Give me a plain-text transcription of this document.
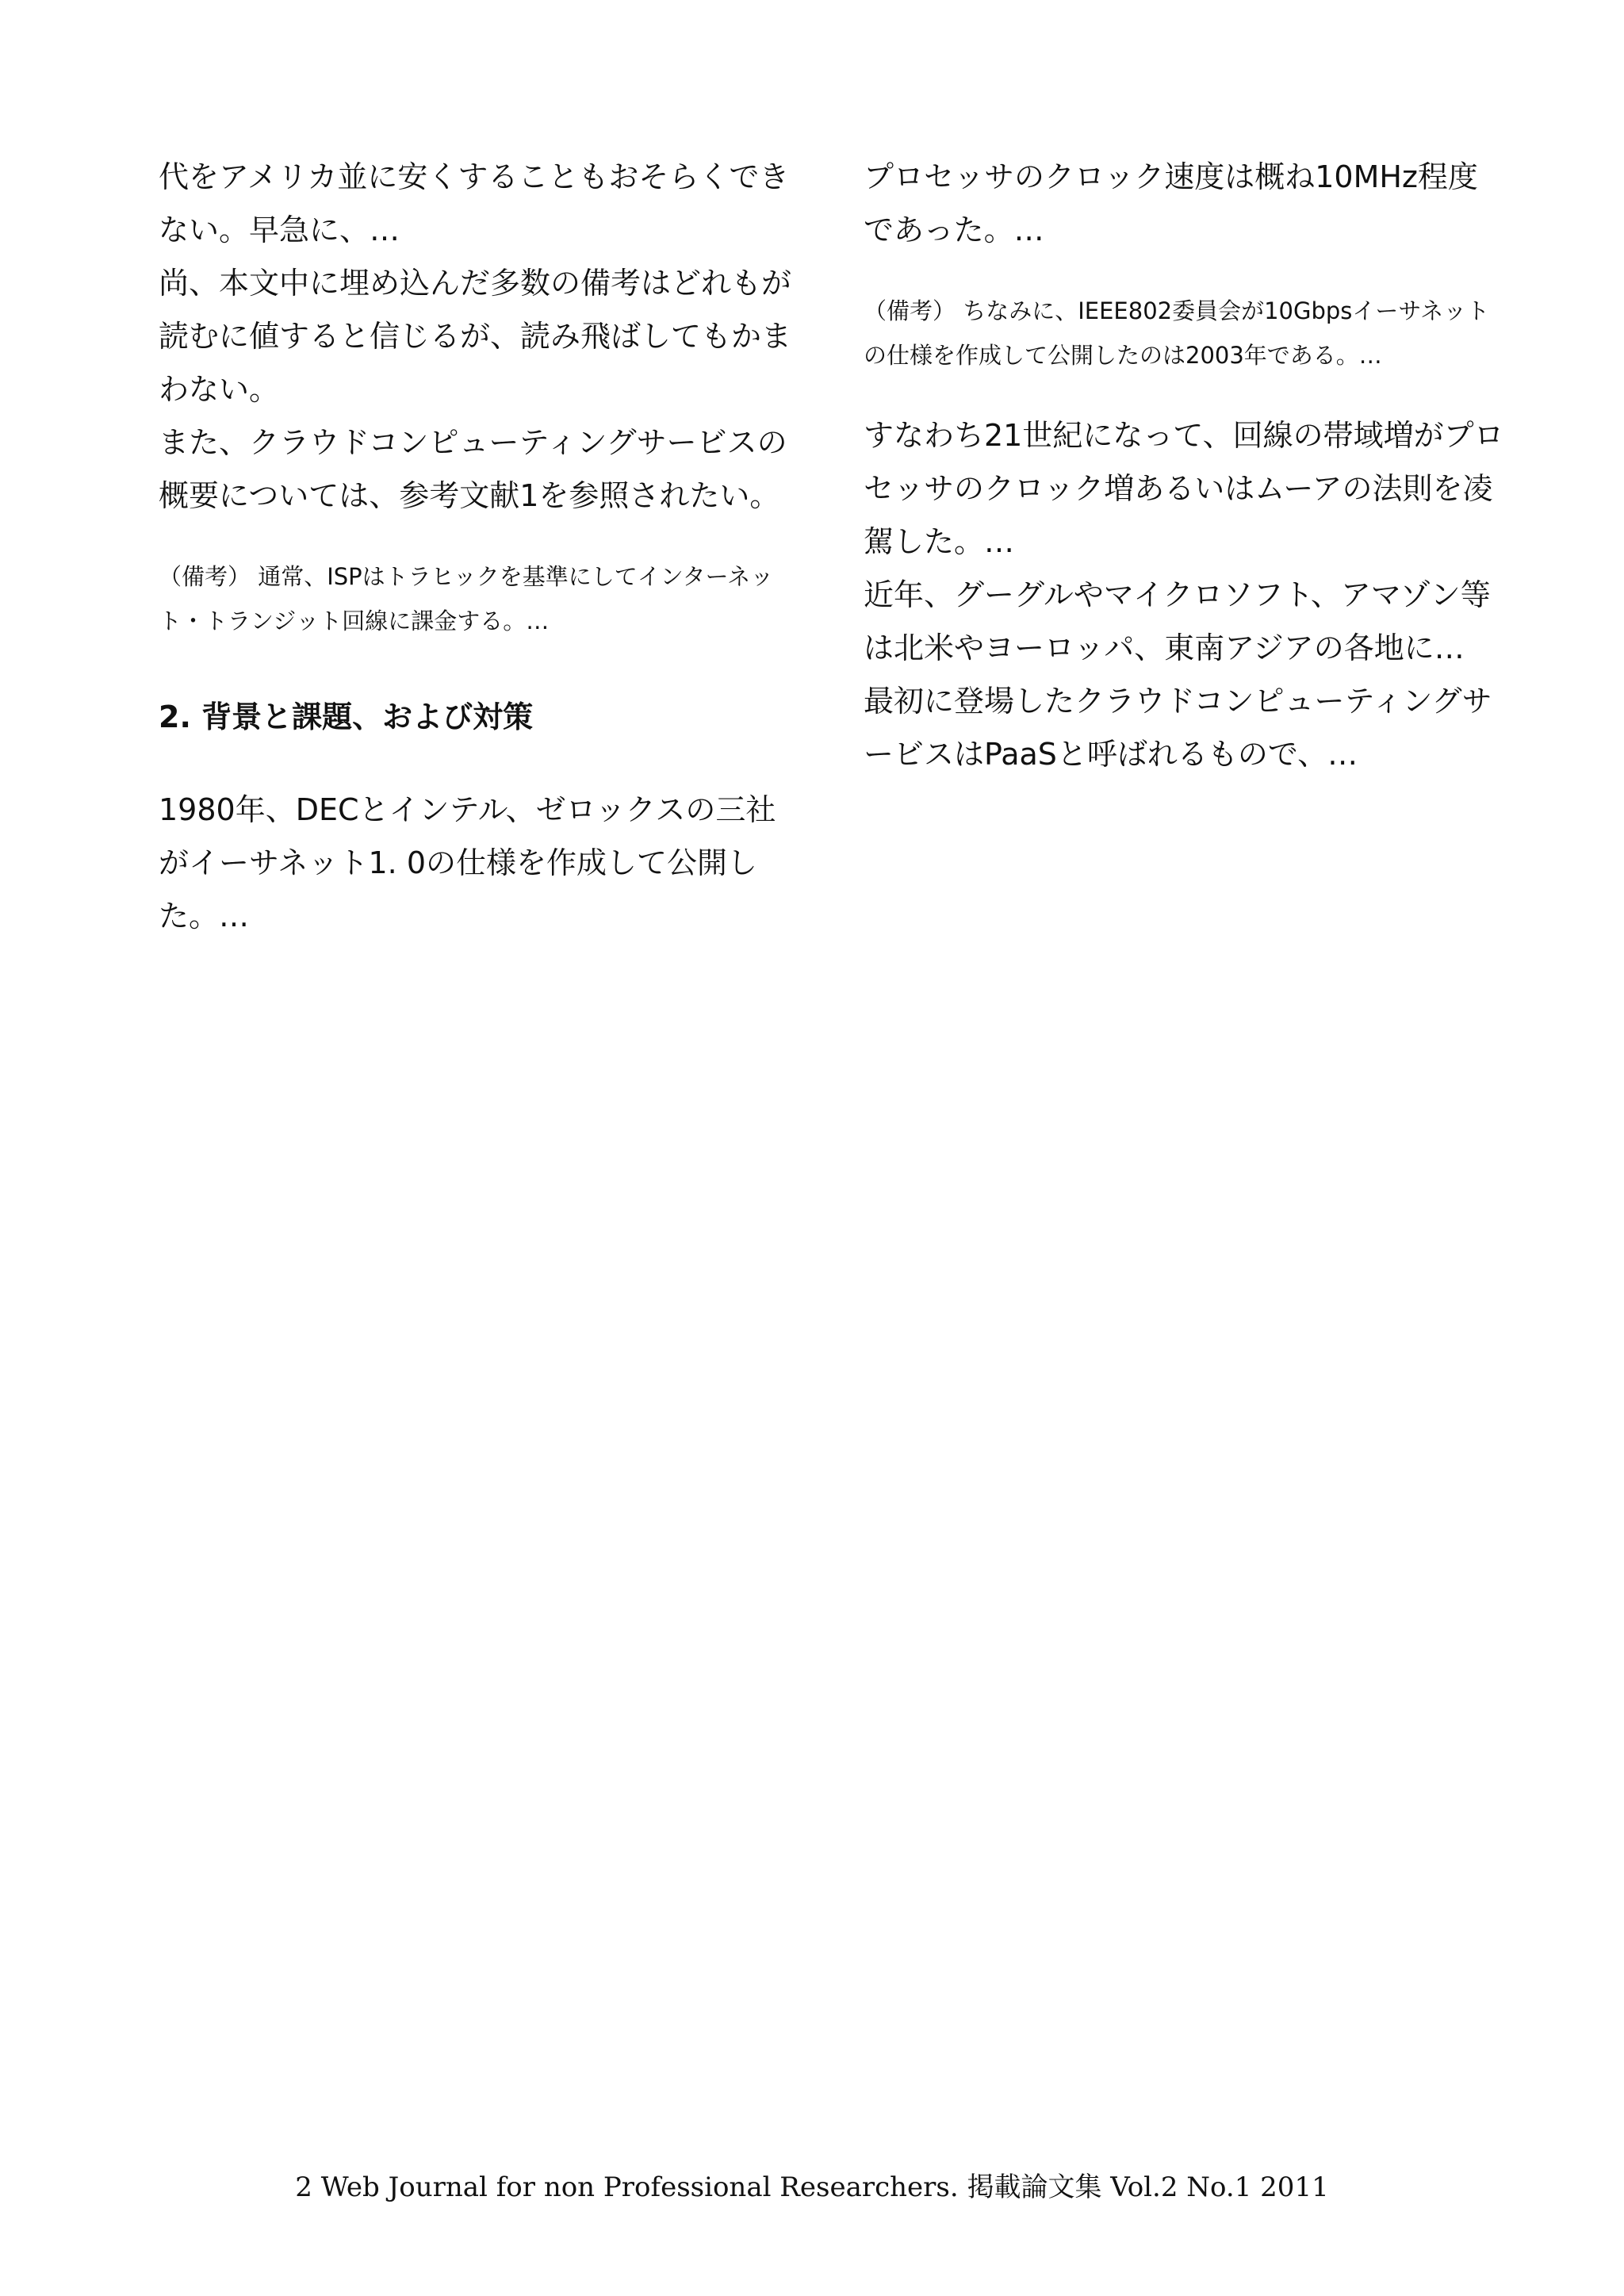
代をアメリカ並に安くすることもおそらくできない。早急に、…

尚、本文中に埋め込んだ多数の備考はどれもが読むに値すると信じるが、読み飛ばしてもかまわない。

また、クラウドコンピューティングサービスの概要については、参考文献1を参照されたい。

（備考） 通常、ISPはトラヒックを基準にしてインターネット・トランジット回線に課金する。…

2. 背景と課題、および対策

1980年、DECとインテル、ゼロックスの三社がイーサネット1. 0の仕様を作成して公開した。…

プロセッサのクロック速度は概ね10MHz程度であった。…

（備考） ちなみに、IEEE802委員会が10Gbpsイーサネットの仕様を作成して公開したのは2003年である。…

すなわち21世紀になって、回線の帯域増がプロセッサのクロック増あるいはムーアの法則を凌駕した。…

近年、グーグルやマイクロソフト、アマゾン等は北米やヨーロッパ、東南アジアの各地に…

最初に登場したクラウドコンピューティングサービスはPaaSと呼ばれるもので、…

2 Web Journal for non Professional Researchers. 掲載論文集 Vol.2 No.1 2011
